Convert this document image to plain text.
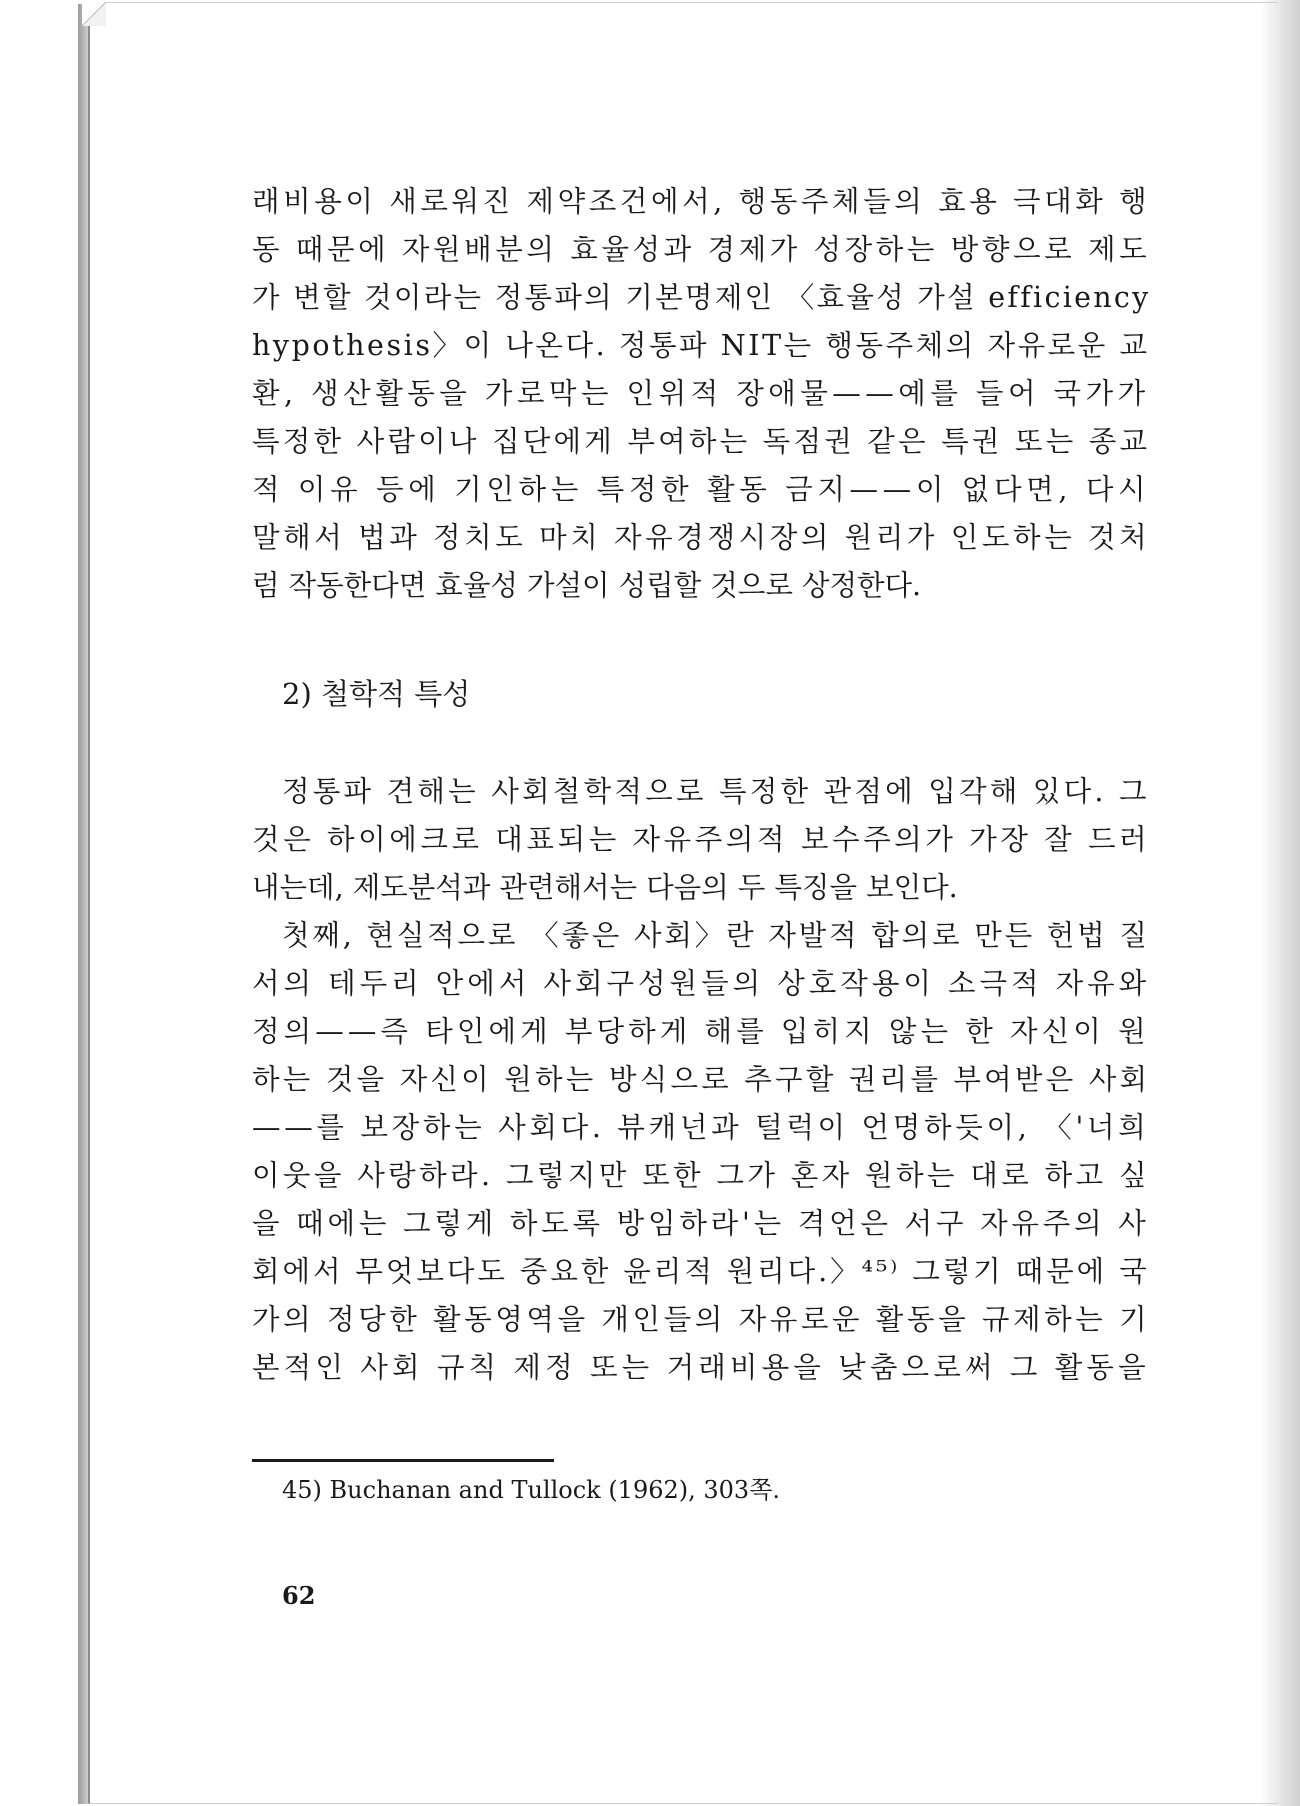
래비용이 새로워진 제약조건에서, 행동주체들의 효용 극대화 행
동 때문에 자원배분의 효율성과 경제가 성장하는 방향으로 제도
가 변할 것이라는 정통파의 기본명제인 〈효율성 가설 efficiency
hypothesis〉이 나온다. 정통파 NIT는 행동주체의 자유로운 교
환, 생산활동을 가로막는 인위적 장애물——예를 들어 국가가
특정한 사람이나 집단에게 부여하는 독점권 같은 특권 또는 종교
적 이유 등에 기인하는 특정한 활동 금지——이 없다면, 다시
말해서 법과 정치도 마치 자유경쟁시장의 원리가 인도하는 것처
럼 작동한다면 효율성 가설이 성립할 것으로 상정한다.
2) 철학적 특성
정통파 견해는 사회철학적으로 특정한 관점에 입각해 있다. 그
것은 하이에크로 대표되는 자유주의적 보수주의가 가장 잘 드러
내는데, 제도분석과 관련해서는 다음의 두 특징을 보인다.
첫째, 현실적으로 〈좋은 사회〉란 자발적 합의로 만든 헌법 질
서의 테두리 안에서 사회구성원들의 상호작용이 소극적 자유와
정의——즉 타인에게 부당하게 해를 입히지 않는 한 자신이 원
하는 것을 자신이 원하는 방식으로 추구할 권리를 부여받은 사회
——를 보장하는 사회다. 뷰캐넌과 털럭이 언명하듯이, 〈'너희
이웃을 사랑하라. 그렇지만 또한 그가 혼자 원하는 대로 하고 싶
을 때에는 그렇게 하도록 방임하라'는 격언은 서구 자유주의 사
회에서 무엇보다도 중요한 윤리적 원리다.〉⁴⁵⁾ 그렇기 때문에 국
가의 정당한 활동영역을 개인들의 자유로운 활동을 규제하는 기
본적인 사회 규칙 제정 또는 거래비용을 낮춤으로써 그 활동을
45) Buchanan and Tullock (1962), 303쪽.
62
